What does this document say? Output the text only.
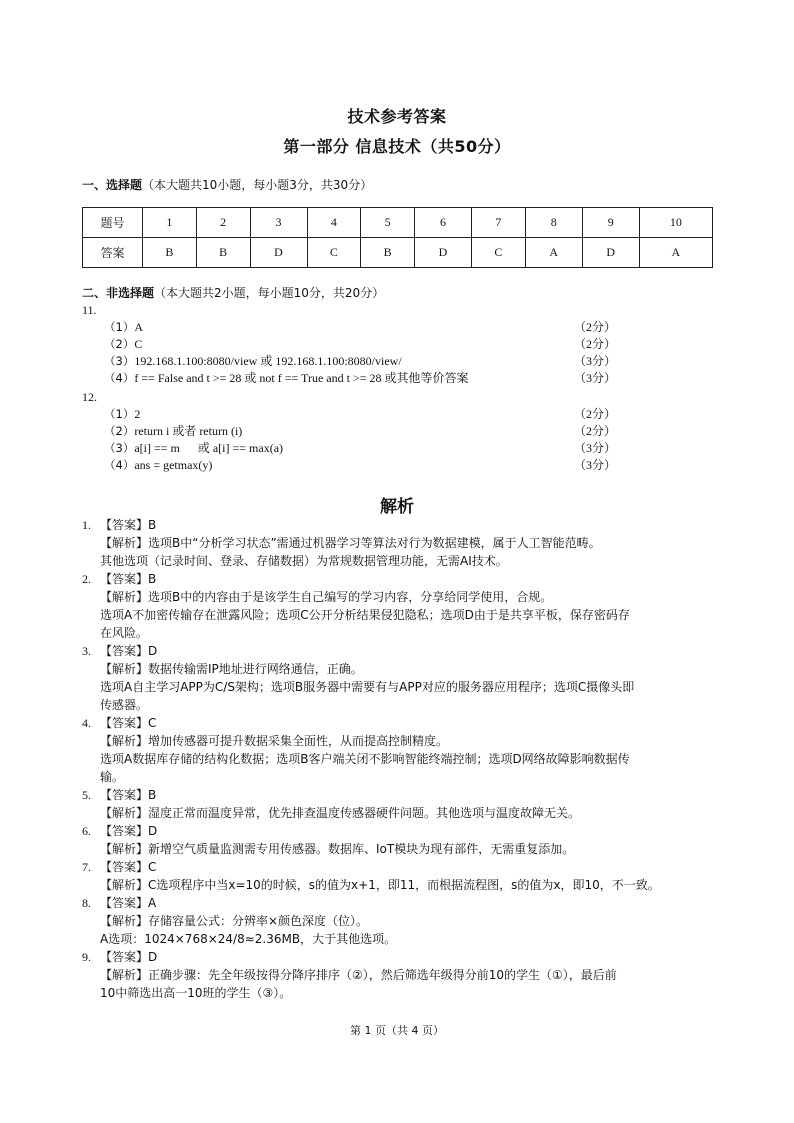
技术参考答案
第一部分 信息技术（共50分）
一、选择题（本大题共10小题，每小题3分，共30分）
题号	1	2	3	4	5	6	7	8	9	10
答案	B	B	D	C	B	D	C	A	D	A
二、非选择题（本大题共2小题，每小题10分，共20分）
11.
（1）A	（2分）
（2）C	（2分）
（3）192.168.1.100:8080/view 或 192.168.1.100:8080/view/	（3分）
（4）f == False and t >= 28 或 not f == True and t >= 28 或其他等价答案	（3分）
12.
（1）2	（2分）
（2）return i 或者 return (i)	（2分）
（3）a[i] == m      或 a[i] == max(a)	（3分）
（4）ans = getmax(y)	（3分）
解析
1. 【答案】B
【解析】选项B中“分析学习状态”需通过机器学习等算法对行为数据建模，属于人工智能范畴。
其他选项（记录时间、登录、存储数据）为常规数据管理功能，无需AI技术。
2. 【答案】B
【解析】选项B中的内容由于是该学生自己编写的学习内容，分享给同学使用，合规。
选项A不加密传输存在泄露风险；选项C公开分析结果侵犯隐私；选项D由于是共享平板，保存密码存
在风险。
3. 【答案】D
【解析】数据传输需IP地址进行网络通信，正确。
选项A自主学习APP为C/S架构；选项B服务器中需要有与APP对应的服务器应用程序；选项C摄像头即
传感器。
4. 【答案】C
【解析】增加传感器可提升数据采集全面性，从而提高控制精度。
选项A数据库存储的结构化数据；选项B客户端关闭不影响智能终端控制；选项D网络故障影响数据传
输。
5. 【答案】B
【解析】湿度正常而温度异常，优先排查温度传感器硬件问题。其他选项与温度故障无关。
6. 【答案】D
【解析】新增空气质量监测需专用传感器。数据库、IoT模块为现有部件，无需重复添加。
7. 【答案】C
【解析】C选项程序中当x=10的时候，s的值为x+1，即11，而根据流程图，s的值为x，即10，不一致。
8. 【答案】A
【解析】存储容量公式：分辨率×颜色深度（位）。
A选项：1024×768×24/8≈2.36MB，大于其他选项。
9. 【答案】D
【解析】正确步骤：先全年级按得分降序排序（②），然后筛选年级得分前10的学生（①），最后前
10中筛选出高一10班的学生（③）。
第 1 页（共 4 页）
